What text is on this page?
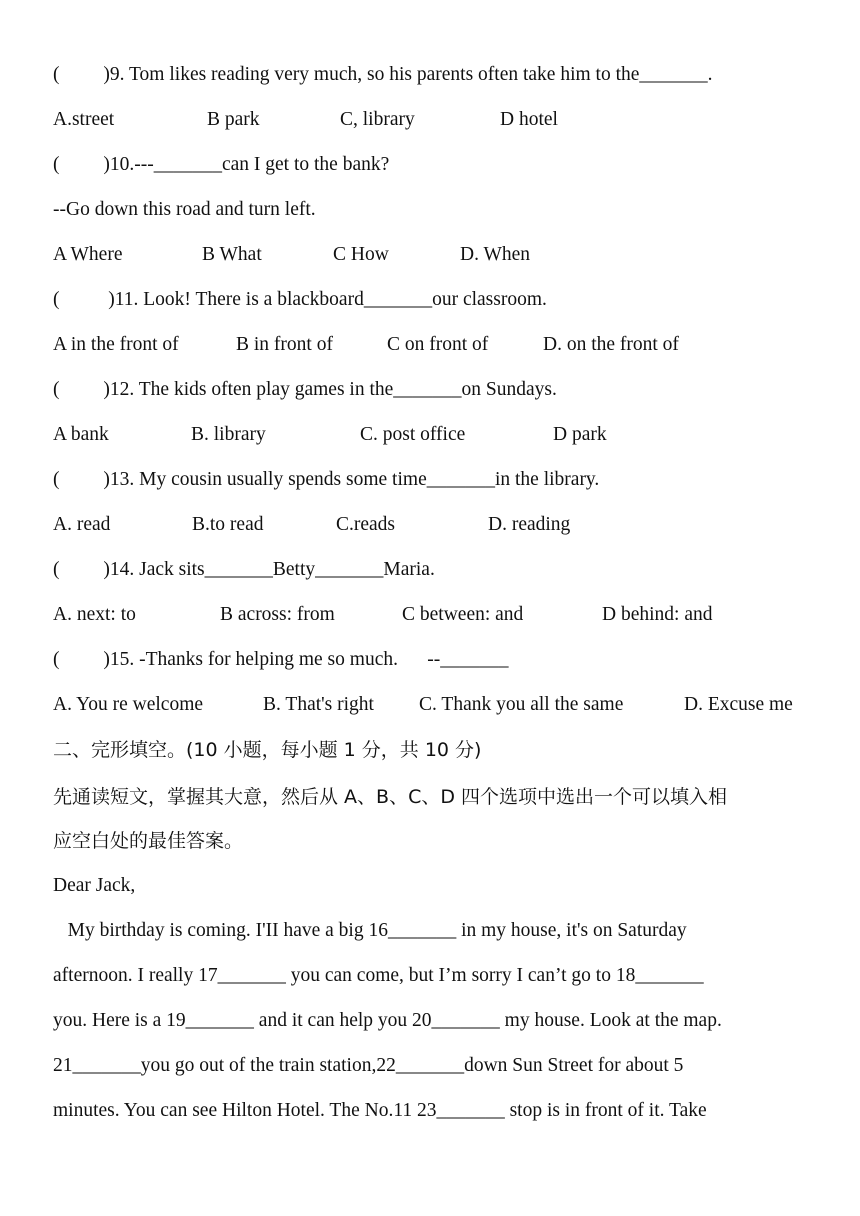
(         )9. Tom likes reading very much, so his parents often take him to the_______.
A.street	B park	C, library	D hotel
(         )10.---_______can I get to the bank?
--Go down this road and turn left.
A Where	B What	C How	D. When
(          )11. Look! There is a blackboard_______our classroom.
A in the front of	B in front of	C on front of	D. on the front of
(         )12. The kids often play games in the_______on Sundays.
A bank	B. library	C. post office	D park
(         )13. My cousin usually spends some time_______in the library.
A. read	B.to read	C.reads	D. reading
(         )14. Jack sits_______Betty_______Maria.
A. next: to	B across: from	C between: and	D behind: and
(         )15. -Thanks for helping me so much.      --_______
A. You re welcome	B. That's right C. Thank you all the same	D. Excuse me
二、完形填空。(10 小题，每小题 1 分，共 10 分)
先通读短文，掌握其大意，然后从 A、B、C、D 四个选项中选出一个可以填入相
应空白处的最佳答案。
Dear Jack,
My birthday is coming. I'II have a big 16_______ in my house, it's on Saturday
afternoon. I really 17_______ you can come, but I’m sorry I can’t go to 18_______
you. Here is a 19_______ and it can help you 20_______ my house. Look at the map.
21_______you go out of the train station,22_______down Sun Street for about 5
minutes. You can see Hilton Hotel. The No.11 23_______ stop is in front of it. Take
